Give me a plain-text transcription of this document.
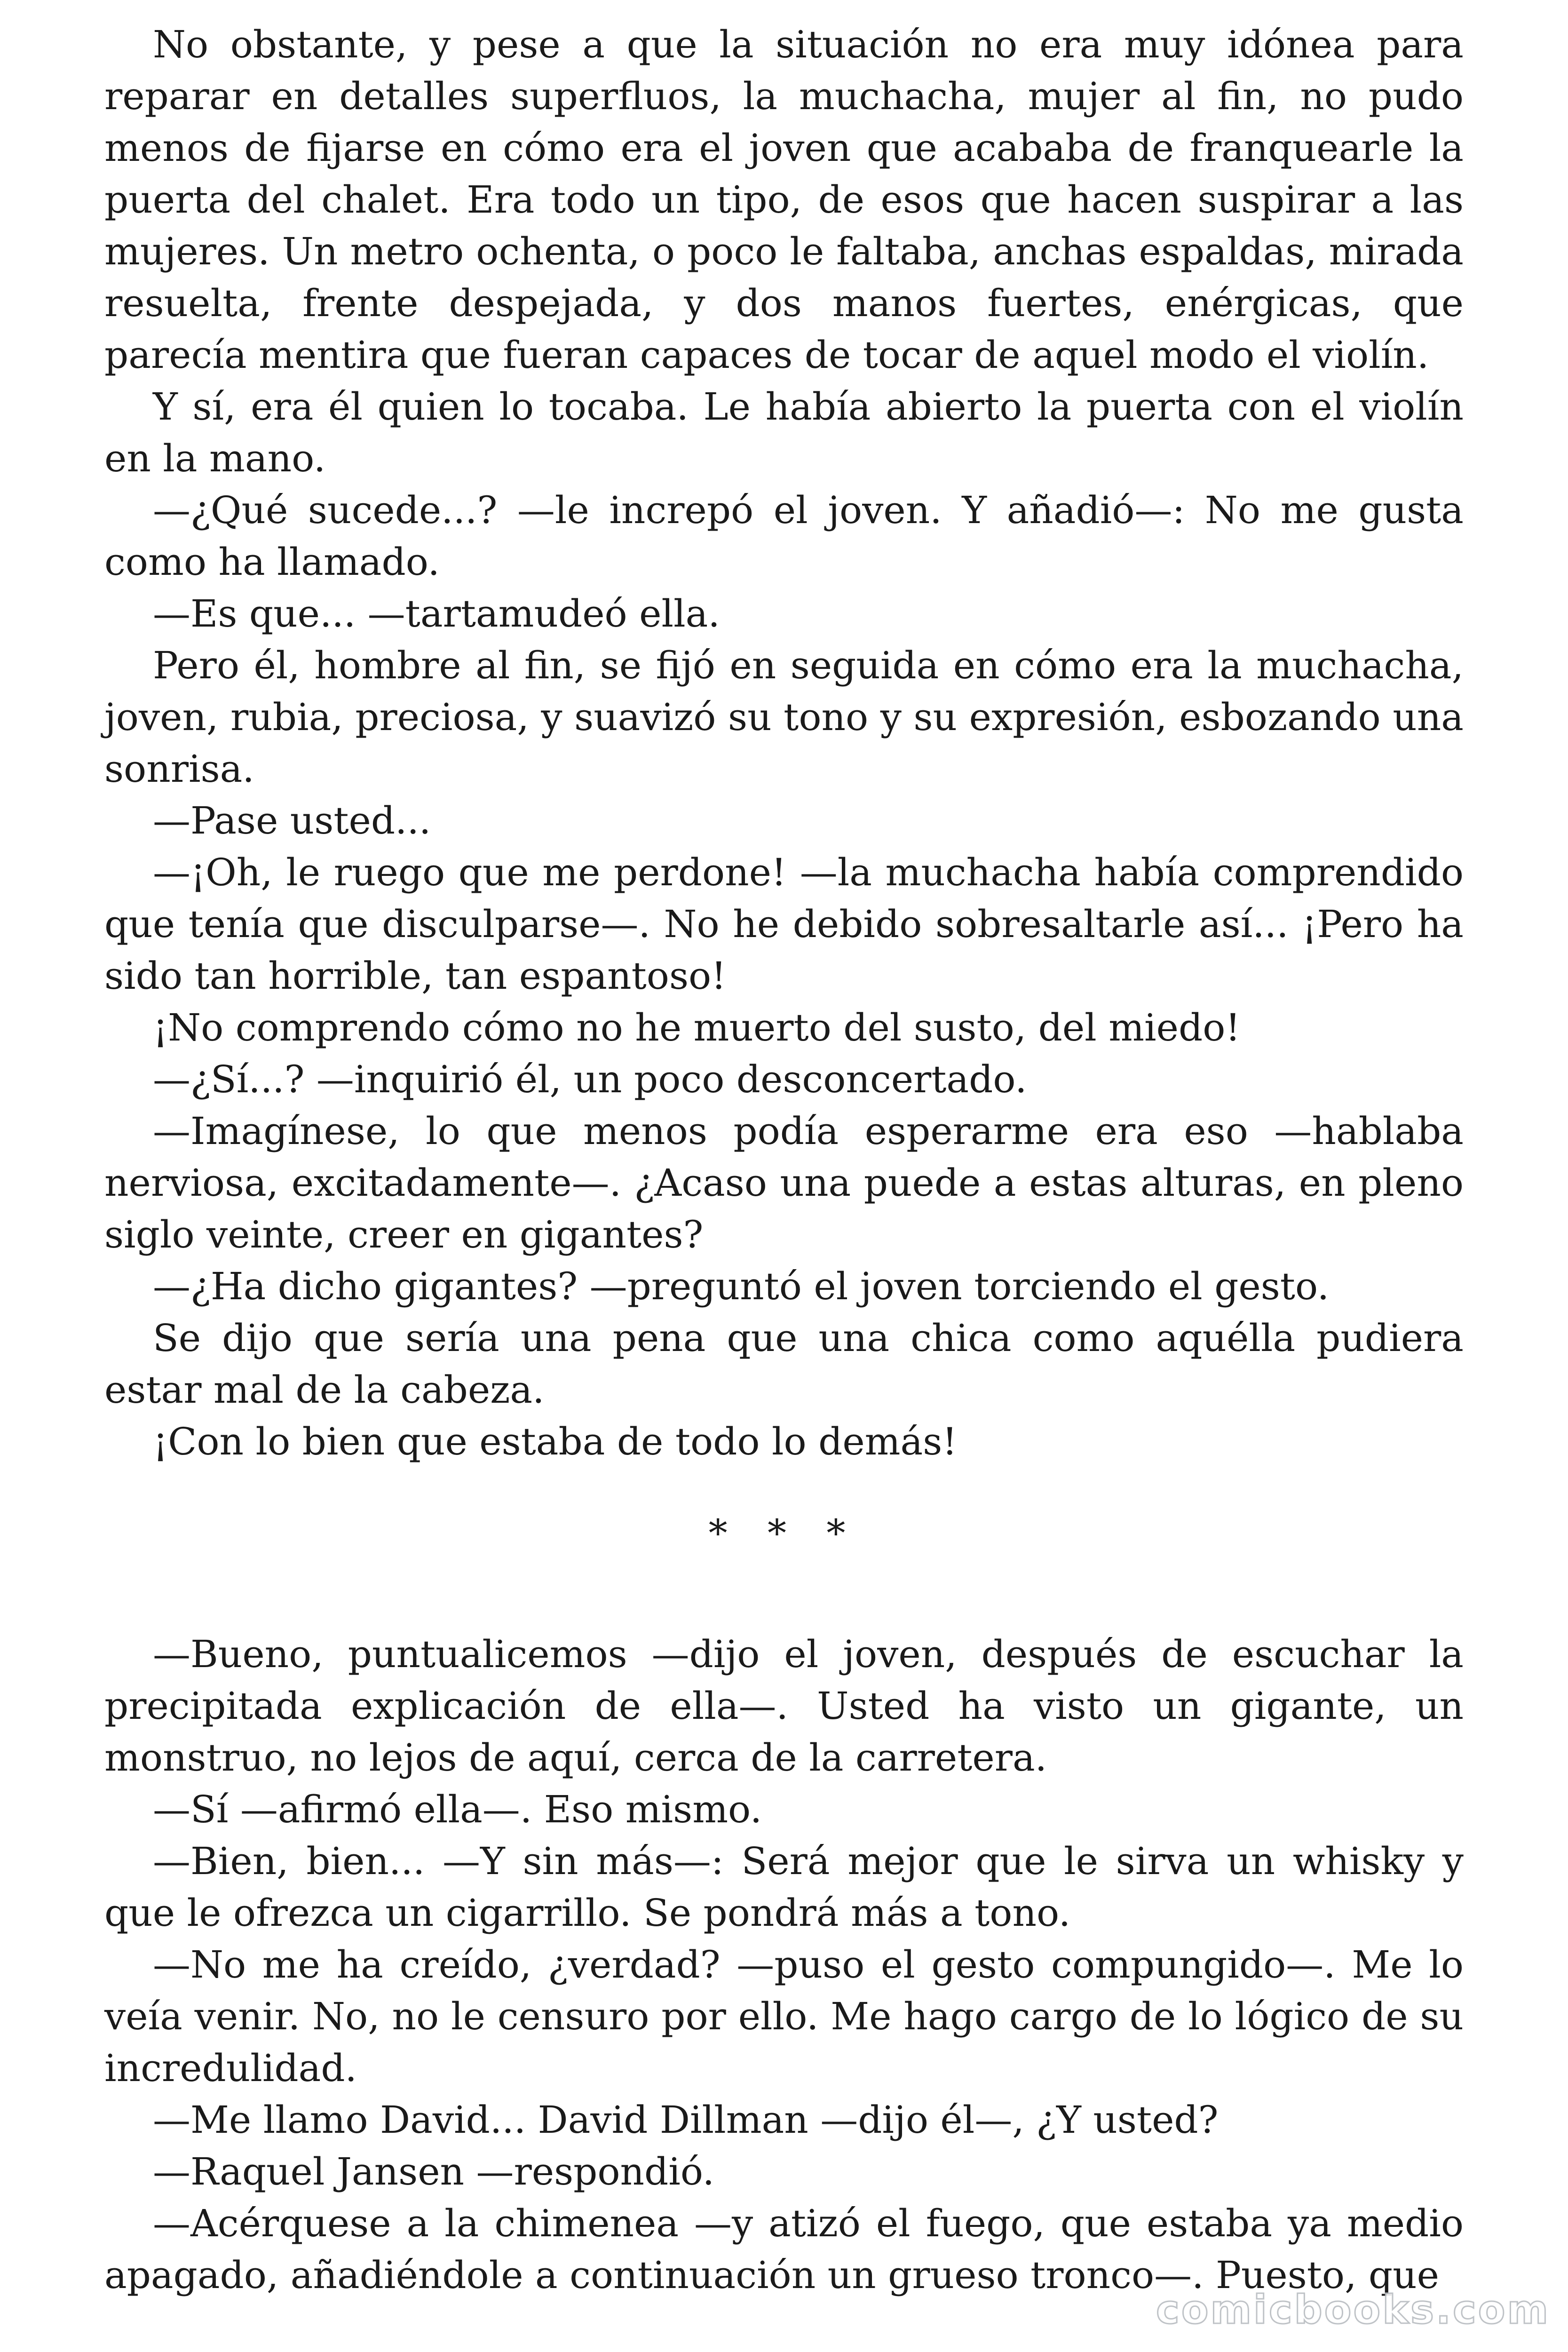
No obstante, y pese a que la situación no era muy idónea para reparar en detalles superfluos, la muchacha, mujer al fin, no pudo menos de fijarse en cómo era el joven que acababa de franquearle la puerta del chalet. Era todo un tipo, de esos que hacen suspirar a las mujeres. Un metro ochenta, o poco le faltaba, anchas espaldas, mirada resuelta, frente despejada, y dos manos fuertes, enérgicas, que parecía mentira que fueran capaces de tocar de aquel modo el violín.

Y sí, era él quien lo tocaba. Le había abierto la puerta con el violín en la mano.

—¿Qué sucede...? —le increpó el joven. Y añadió—: No me gusta como ha llamado.

—Es que... —tartamudeó ella.

Pero él, hombre al fin, se fijó en seguida en cómo era la muchacha, joven, rubia, preciosa, y suavizó su tono y su expresión, esbozando una sonrisa.

—Pase usted...

—¡Oh, le ruego que me perdone! —la muchacha había comprendido que tenía que disculparse—. No he debido sobresaltarle así... ¡Pero ha sido tan horrible, tan espantoso!

¡No comprendo cómo no he muerto del susto, del miedo!

—¿Sí...? —inquirió él, un poco desconcertado.

—Imagínese, lo que menos podía esperarme era eso —hablaba nerviosa, excitadamente—. ¿Acaso una puede a estas alturas, en pleno siglo veinte, creer en gigantes?

—¿Ha dicho gigantes? —preguntó el joven torciendo el gesto.

Se dijo que sería una pena que una chica como aquélla pudiera estar mal de la cabeza.

¡Con lo bien que estaba de todo lo demás!

* * *

—Bueno, puntualicemos —dijo el joven, después de escuchar la precipitada explicación de ella—. Usted ha visto un gigante, un monstruo, no lejos de aquí, cerca de la carretera.

—Sí —afirmó ella—. Eso mismo.

—Bien, bien... —Y sin más—: Será mejor que le sirva un whisky y que le ofrezca un cigarrillo. Se pondrá más a tono.

—No me ha creído, ¿verdad? —puso el gesto compungido—. Me lo veía venir. No, no le censuro por ello. Me hago cargo de lo lógico de su incredulidad.

—Me llamo David... David Dillman —dijo él—, ¿Y usted?

—Raquel Jansen —respondió.

—Acérquese a la chimenea —y atizó el fuego, que estaba ya medio apagado, añadiéndole a continuación un grueso tronco—. Puesto, que

comicbooks.com
